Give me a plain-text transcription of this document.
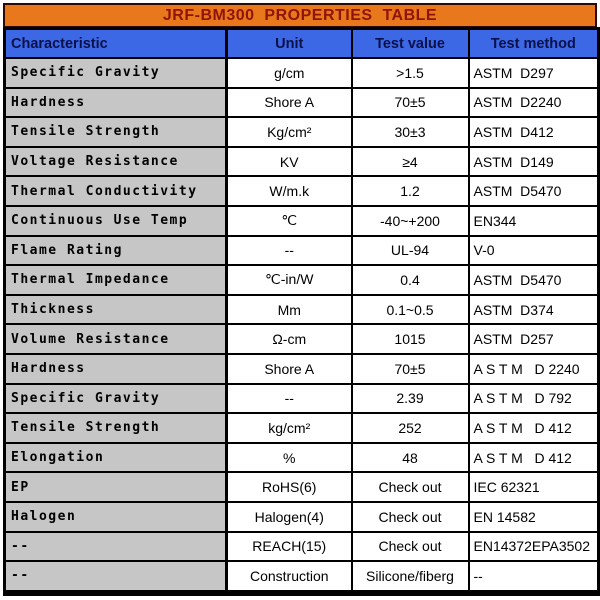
JRF-BM300  PROPERTIES  TABLE
Characteristic	Unit	Test value	Test method
Specific Gravity	g/cm	>1.5	ASTM  D297
Hardness	Shore A	70±5	ASTM  D2240
Tensile Strength	Kg/cm²	30±3	ASTM  D412
Voltage Resistance	KV	≥4	ASTM  D149
Thermal Conductivity	W/m.k	1.2	ASTM  D5470
Continuous Use Temp	℃	-40~+200	EN344
Flame Rating	--	UL-94	V-0
Thermal Impedance	℃-in/W	0.4	ASTM  D5470
Thickness	Mm	0.1~0.5	ASTM  D374
Volume Resistance	Ω-cm	1015	ASTM  D257
Hardness	Shore A	70±5	A S T M   D 2240
Specific Gravity	--	2.39	A S T M   D 792
Tensile Strength	kg/cm²	252	A S T M   D 412
Elongation	%	48	A S T M   D 412
EP	RoHS(6)	Check out	IEC 62321
Halogen	Halogen(4)	Check out	EN 14582
--	REACH(15)	Check out	EN14372EPA3502
--	Construction	Silicone/fiberg	--
